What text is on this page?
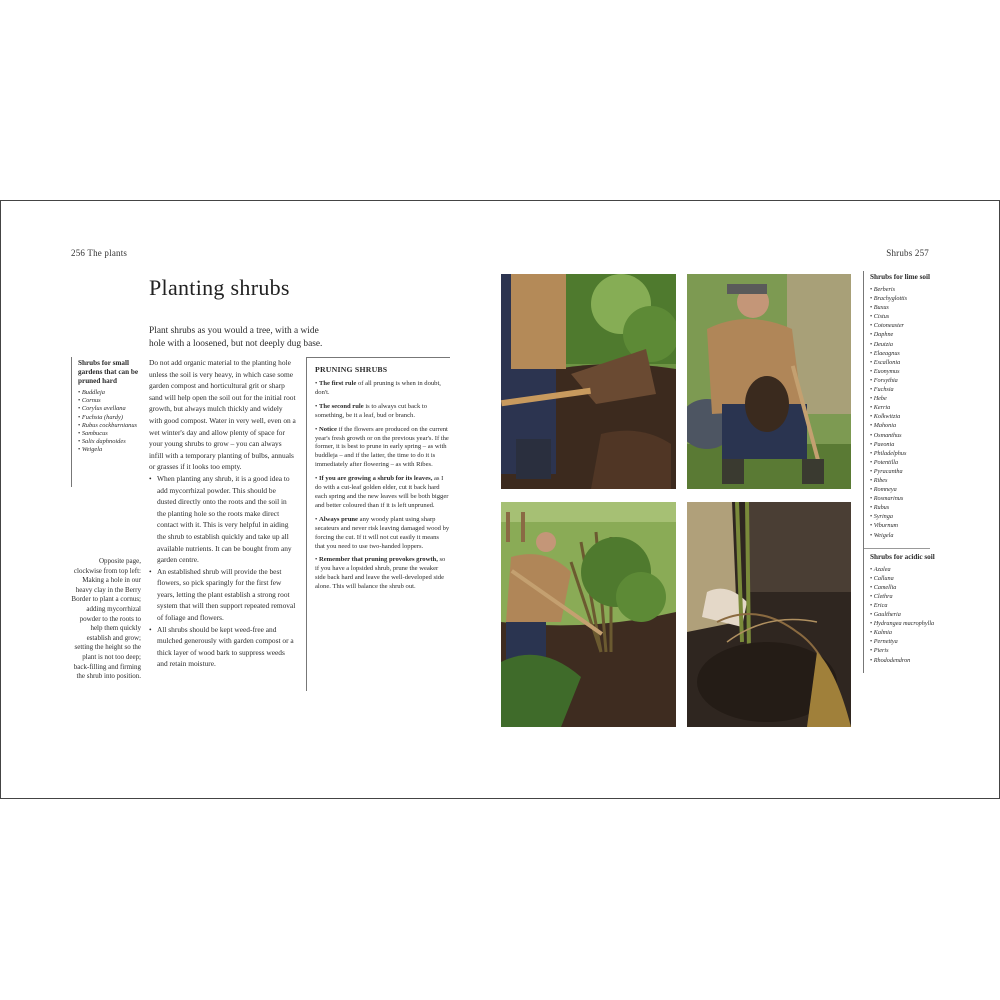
256 The plants	Shrubs 257
Planting shrubs

Plant shrubs as you would a tree, with a wide hole with a loosened, but not deeply dug base.

Shrubs for small gardens that can be pruned hard
• Buddleja
• Cornus
• Corylus avellana
• Fuchsia (hardy)
• Rubus cockburnianus
• Sambucus
• Salix daphnoides
• Weigela
Opposite page, clockwise from top left: Making a hole in our heavy clay in the Berry Border to plant a cornus; adding mycorrhizal powder to the roots to help them quickly establish and grow; setting the height so the plant is not too deep; back-filling and firming the shrub into position.

Do not add organic material to the planting hole unless the soil is very heavy, in which case some garden compost and horticultural grit or sharp sand will help open the soil out for the initial root growth, but always mulch thickly and widely with good compost. Water in very well, even on a wet winter's day and allow plenty of space for your young shrubs to grow – you can always infill with a temporary planting of bulbs, annuals or grasses if it looks too empty.

• When planting any shrub, it is a good idea to add mycorrhizal powder. This should be dusted directly onto the roots and the soil in the planting hole so the roots make direct contact with it. This is very helpful in aiding the shrub to establish quickly and take up all available nutrients. It can be bought from any garden centre.
• An established shrub will provide the best flowers, so pick sparingly for the first few years, letting the plant establish a strong root system that will then support repeated removal of foliage and flowers.
• All shrubs should be kept weed-free and mulched generously with garden compost or a thick layer of wood bark to suppress weeds and retain moisture.
PRUNING SHRUBS

• The first rule of all pruning is when in doubt, don't.

• The second rule is to always cut back to something, be it a leaf, bud or branch.

• Notice if the flowers are produced on the current year's fresh growth or on the previous year's. If the former, it is best to prune in early spring – as with buddleja – and if the latter, the time to do it is immediately after flowering – as with Ribes.

• If you are growing a shrub for its leaves, as I do with a cut-leaf golden elder, cut it back hard each spring and the new leaves will be both bigger and better coloured than if it is left unpruned.

• Always prune any woody plant using sharp secateurs and never risk leaving damaged wood by forcing the cut. If it will not cut easily it means that you need to use two-handed loppers.

• Remember that pruning provokes growth, so if you have a lopsided shrub, prune the weaker side back hard and leave the well-developed side alone. This will balance the shrub out.

Shrubs for lime soil
• Berberis
• Brachyglottis
• Buxus
• Cistus
• Cotoneaster
• Daphne
• Deutzia
• Elaeagnus
• Escallonia
• Euonymus
• Forsythia
• Fuchsia
• Hebe
• Kerria
• Kolkwitzia
• Mahonia
• Osmanthus
• Paeonia
• Philadelphus
• Potentilla
• Pyracantha
• Ribes
• Romneya
• Rosmarinus
• Rubus
• Syringa
• Viburnum
• Weigela
Shrubs for acidic soil
• Azalea
• Calluna
• Camellia
• Clethra
• Erica
• Gaultheria
• Hydrangea macrophylla
• Kalmia
• Pernettya
• Pieris
• Rhododendron
